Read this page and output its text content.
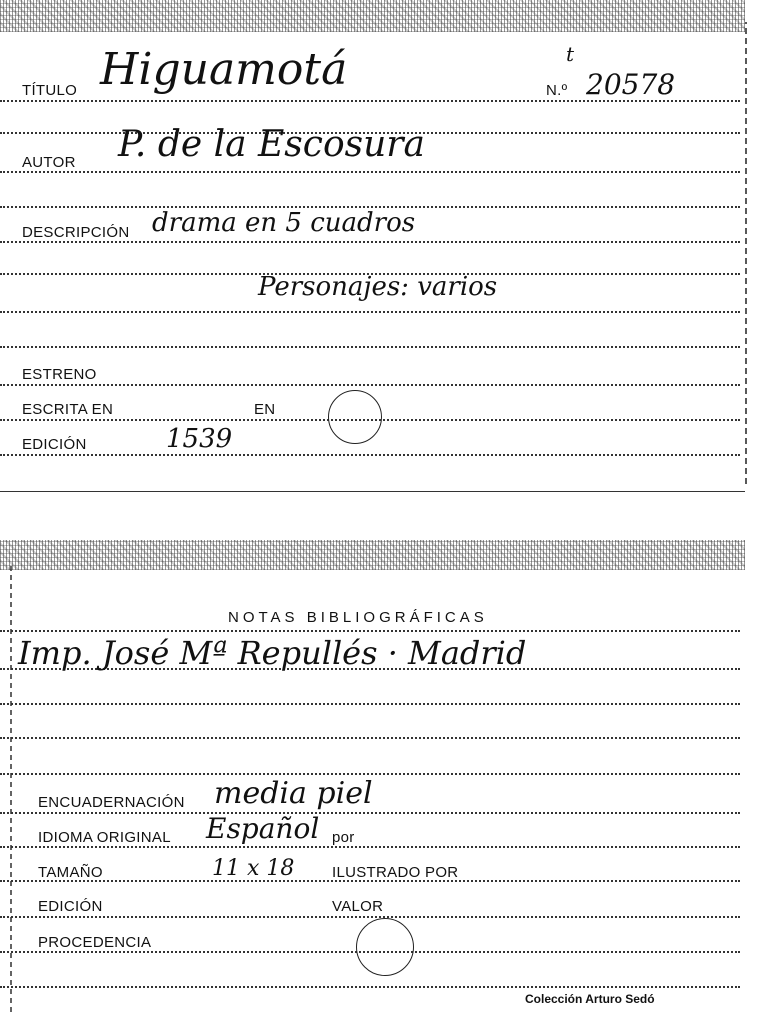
TÍTULO Higuamotá	t
N.º 20578
AUTOR P. de la Escosura
DESCRIPCIÓN drama en 5 cuadros
Personajes: varios
ESTRENO
ESCRITA EN	EN
EDICIÓN	1539
NOTAS BIBLIOGRÁFICAS
Imp. José Mª Repullés · Madrid
ENCUADERNACIÓN media piel
IDIOMA ORIGINAL Español por
TAMAÑO	11 x 18	ILUSTRADO POR
EDICIÓN	VALOR
PROCEDENCIA
Colección Arturo Sedó
